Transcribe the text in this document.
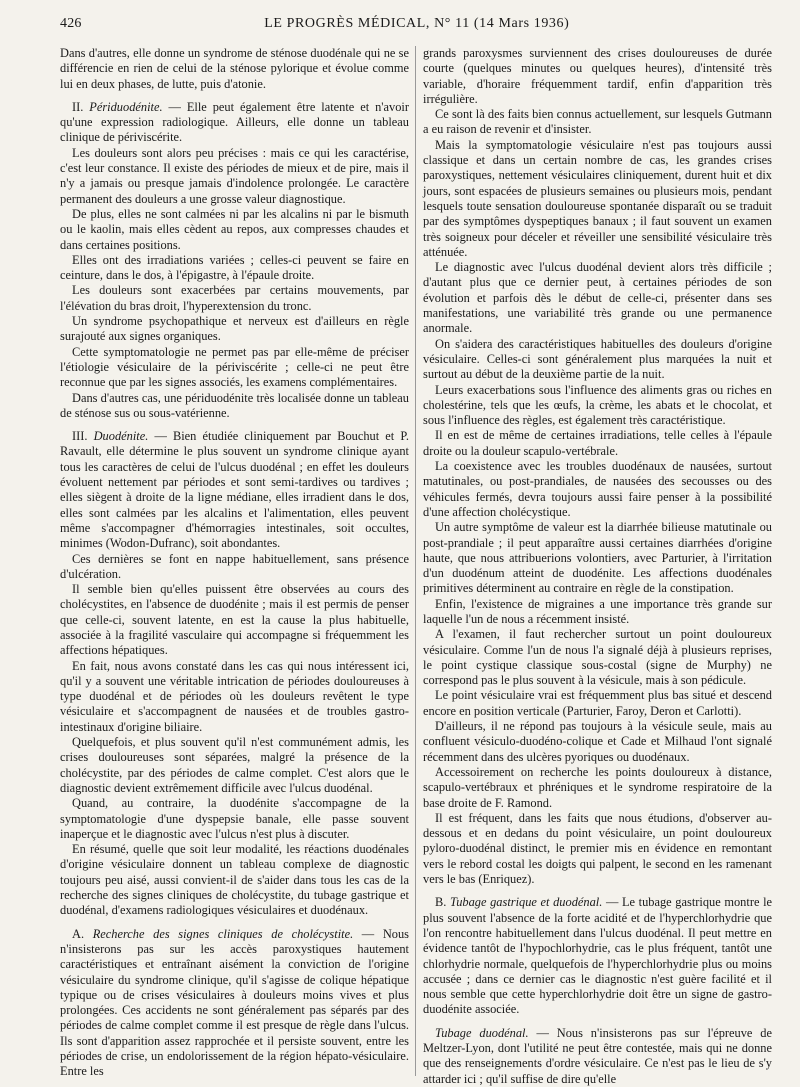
426	LE PROGRÈS MÉDICAL, N° 11 (14 Mars 1936)

Dans d'autres, elle donne un syndrome de sténose duodénale qui ne se différencie en rien de celui de la sténose pylorique et évolue comme lui en deux phases, de lutte, puis d'atonie.

II. Périduodénite. — Elle peut également être latente et n'avoir qu'une expression radiologique. Ailleurs, elle donne un tableau clinique de périviscérite.

Les douleurs sont alors peu précises : mais ce qui les caractérise, c'est leur constance. Il existe des périodes de mieux et de pire, mais il n'y a jamais ou presque jamais d'indolence prolongée. Le caractère permanent des douleurs a une grosse valeur diagnostique.

De plus, elles ne sont calmées ni par les alcalins ni par le bismuth ou le kaolin, mais elles cèdent au repos, aux compresses chaudes et dans certaines positions.

Elles ont des irradiations variées ; celles-ci peuvent se faire en ceinture, dans le dos, à l'épigastre, à l'épaule droite.

Les douleurs sont exacerbées par certains mouvements, par l'élévation du bras droit, l'hyperextension du tronc.

Un syndrome psychopathique et nerveux est d'ailleurs en règle surajouté aux signes organiques.

Cette symptomatologie ne permet pas par elle-même de préciser l'étiologie vésiculaire de la périviscérite ; celle-ci ne peut être reconnue que par les signes associés, les examens complémentaires.

Dans d'autres cas, une périduodénite très localisée donne un tableau de sténose sus ou sous-vatérienne.

III. Duodénite. — Bien étudiée cliniquement par Bouchut et P. Ravault, elle détermine le plus souvent un syndrome clinique ayant tous les caractères de celui de l'ulcus duodénal ; en effet les douleurs évoluent nettement par périodes et sont semi-tardives ou tardives ; elles siègent à droite de la ligne médiane, elles irradient dans le dos, elles sont calmées par les alcalins et l'alimentation, elles peuvent même s'accompagner d'hémorragies intestinales, soit occultes, minimes (Wodon-Dufranc), soit abondantes.

Ces dernières se font en nappe habituellement, sans présence d'ulcération.

Il semble bien qu'elles puissent être observées au cours des cholécystites, en l'absence de duodénite ; mais il est permis de penser que celle-ci, souvent latente, en est la cause la plus habituelle, associée à la fragilité vasculaire qui accompagne si fréquemment les affections hépatiques.

En fait, nous avons constaté dans les cas qui nous intéressent ici, qu'il y a souvent une véritable intrication de périodes douloureuses à type duodénal et de périodes où les douleurs revêtent le type vésiculaire et s'accompagnent de nausées et de troubles gastro-intestinaux d'origine biliaire.

Quelquefois, et plus souvent qu'il n'est communément admis, les crises douloureuses sont séparées, malgré la présence de la cholécystite, par des périodes de calme complet. C'est alors que le diagnostic devient extrêmement difficile avec l'ulcus duodénal.

Quand, au contraire, la duodénite s'accompagne de la symptomatologie d'une dyspepsie banale, elle passe souvent inaperçue et le diagnostic avec l'ulcus n'est plus à discuter.

En résumé, quelle que soit leur modalité, les réactions duodénales d'origine vésiculaire donnent un tableau complexe de diagnostic toujours peu aisé, aussi convient-il de s'aider dans tous les cas de la recherche des signes cliniques de cholécystite, du tubage gastrique et duodénal, d'examens radiologiques vésiculaires et duodénaux.

A. Recherche des signes cliniques de cholécystite. — Nous n'insisterons pas sur les accès paroxystiques hautement caractéristiques et entraînant aisément la conviction de l'origine vésiculaire du syndrome clinique, qu'il s'agisse de colique hépatique typique ou de crises vésiculaires à douleurs moins vives et plus prolongées. Ces accidents ne sont généralement pas séparés par des périodes de calme complet comme il est presque de règle dans l'ulcus. Ils sont d'apparition assez rapprochée et il persiste souvent, entre les périodes de crise, un endolorissement de la région hépato-vésiculaire. Entre les

grands paroxysmes surviennent des crises douloureuses de durée courte (quelques minutes ou quelques heures), d'intensité très variable, d'horaire fréquemment tardif, enfin d'apparition très irrégulière.

Ce sont là des faits bien connus actuellement, sur lesquels Gutmann a eu raison de revenir et d'insister.

Mais la symptomatologie vésiculaire n'est pas toujours aussi classique et dans un certain nombre de cas, les grandes crises paroxystiques, nettement vésiculaires cliniquement, durent huit et dix jours, sont espacées de plusieurs semaines ou plusieurs mois, pendant lesquels toute sensation douloureuse spontanée disparaît ou se traduit par des symptômes dyspeptiques banaux ; il faut souvent un examen très soigneux pour déceler et réveiller une sensibilité vésiculaire très atténuée.

Le diagnostic avec l'ulcus duodénal devient alors très difficile ; d'autant plus que ce dernier peut, à certaines périodes de son évolution et parfois dès le début de celle-ci, présenter dans ses manifestations, une variabilité très grande ou une permanence anormale.

On s'aidera des caractéristiques habituelles des douleurs d'origine vésiculaire. Celles-ci sont généralement plus marquées la nuit et surtout au début de la deuxième partie de la nuit.

Leurs exacerbations sous l'influence des aliments gras ou riches en cholestérine, tels que les œufs, la crème, les abats et le chocolat, et sous l'influence des règles, est également très caractéristique.

Il en est de même de certaines irradiations, telle celles à l'épaule droite ou la douleur scapulo-vertébrale.

La coexistence avec les troubles duodénaux de nausées, surtout matutinales, ou post-prandiales, de nausées des secousses ou des véhicules fermés, devra toujours aussi faire penser à la possibilité d'une affection cholécystique.

Un autre symptôme de valeur est la diarrhée bilieuse matutinale ou post-prandiale ; il peut apparaître aussi certaines diarrhées d'origine haute, que nous attribuerions volontiers, avec Parturier, à l'irritation d'un duodénum atteint de duodénite. Les affections duodénales primitives déterminent au contraire en règle de la constipation.

Enfin, l'existence de migraines a une importance très grande sur laquelle l'un de nous a récemment insisté.

A l'examen, il faut rechercher surtout un point douloureux vésiculaire. Comme l'un de nous l'a signalé déjà à plusieurs reprises, le point cystique classique sous-costal (signe de Murphy) ne correspond pas le plus souvent à la vésicule, mais à son pédicule.

Le point vésiculaire vrai est fréquemment plus bas situé et descend encore en position verticale (Parturier, Faroy, Deron et Carlotti).

D'ailleurs, il ne répond pas toujours à la vésicule seule, mais au confluent vésiculo-duodéno-colique et Cade et Milhaud l'ont signalé récemment dans des ulcères pyoriques ou duodénaux.

Accessoirement on recherche les points douloureux à distance, scapulo-vertébraux et phréniques et le syndrome respiratoire de la base droite de F. Ramond.

Il est fréquent, dans les faits que nous étudions, d'observer au-dessous et en dedans du point vésiculaire, un point douloureux pyloro-duodénal distinct, le premier mis en évidence en remontant vers le rebord costal les doigts qui palpent, le second en les ramenant vers le bas (Enriquez).

B. Tubage gastrique et duodénal. — Le tubage gastrique montre le plus souvent l'absence de la forte acidité et de l'hyperchlorhydrie que l'on rencontre habituellement dans l'ulcus duodénal. Il peut mettre en évidence tantôt de l'hypochlorhydrie, cas le plus fréquent, tantôt une chlorhydrie normale, quelquefois de l'hyperchlorhydrie plus ou moins accusée ; dans ce dernier cas le diagnostic n'est guère facilité et il nous semble que cette hyperchlorhydrie doit être un signe de gastro-duodénite associée.

Tubage duodénal. — Nous n'insisterons pas sur l'épreuve de Meltzer-Lyon, dont l'utilité ne peut être contestée, mais qui ne donne que des renseignements d'ordre vésiculaire. Ce n'est pas le lieu de s'y attarder ici ; qu'il suffise de dire qu'elle
